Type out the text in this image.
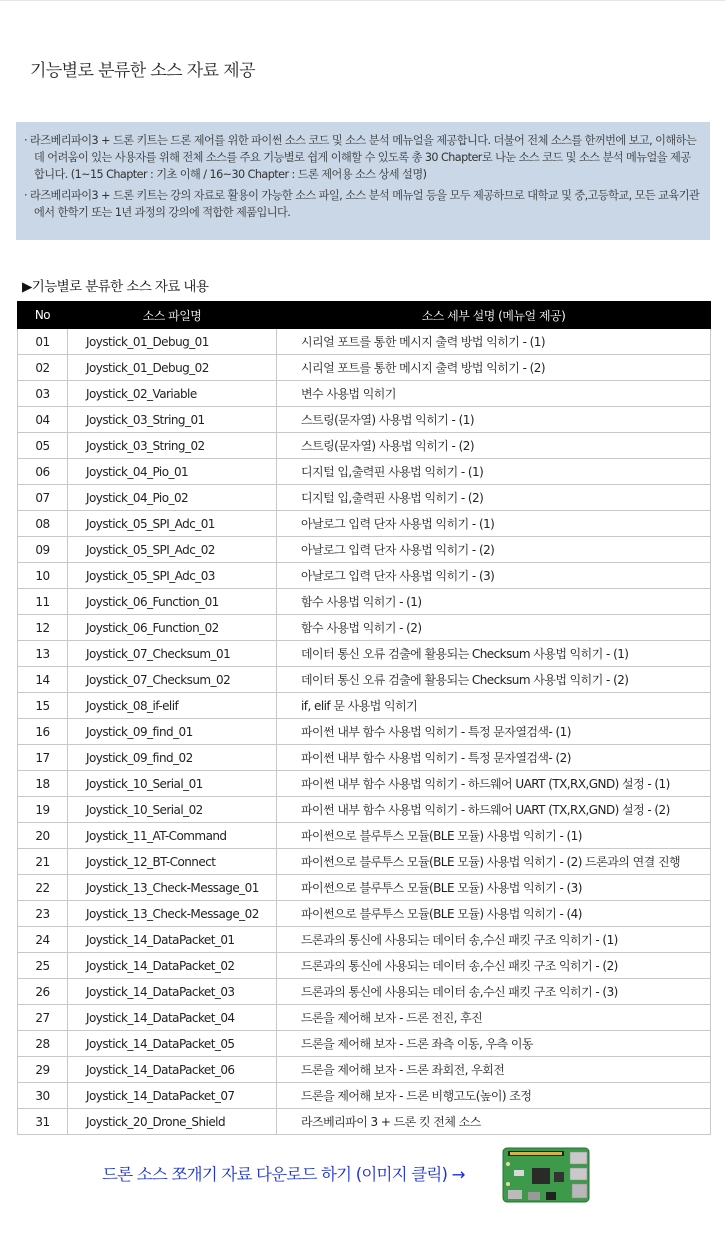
기능별로 분류한 소스 자료 제공

· 라즈베리파이3 + 드론 키트는 드론 제어를 위한 파이썬 소스 코드 및 소스 분석 메뉴얼을 제공합니다. 더불어 전체 소스를 한꺼번에 보고, 이해하는데 어려움이 있는 사용자를 위해 전체 소스를 주요 기능별로 쉽게 이해할 수 있도록 총 30 Chapter로 나눈 소스 코드 및 소스 분석 메뉴얼을 제공합니다. (1~15 Chapter : 기초 이해 / 16~30 Chapter : 드론 제어용 소스 상세 설명)

· 라즈베리파이3 + 드론 키트는 강의 자료로 활용이 가능한 소스 파일, 소스 분석 메뉴얼 등을 모두 제공하므로 대학교 및 중,고등학교, 모든 교육기관에서 한학기 또는 1년 과정의 강의에 적합한 제품입니다.

▶기능별로 분류한 소스 자료 내용
No	소스 파일명	소스 세부 설명 (메뉴얼 제공)
01	Joystick_01_Debug_01	시리얼 포트를 통한 메시지 출력 방법 익히기 - (1)
02	Joystick_01_Debug_02	시리얼 포트를 통한 메시지 출력 방법 익히기 - (2)
03	Joystick_02_Variable	변수 사용법 익히기
04	Joystick_03_String_01	스트링(문자열) 사용법 익히기 - (1)
05	Joystick_03_String_02	스트링(문자열) 사용법 익히기 - (2)
06	Joystick_04_Pio_01	디지털 입,출력핀 사용법 익히기 - (1)
07	Joystick_04_Pio_02	디지털 입,출력핀 사용법 익히기 - (2)
08	Joystick_05_SPI_Adc_01	아날로그 입력 단자 사용법 익히기 - (1)
09	Joystick_05_SPI_Adc_02	아날로그 입력 단자 사용법 익히기 - (2)
10	Joystick_05_SPI_Adc_03	아날로그 입력 단자 사용법 익히기 - (3)
11	Joystick_06_Function_01	함수 사용법 익히기 - (1)
12	Joystick_06_Function_02	함수 사용법 익히기 - (2)
13	Joystick_07_Checksum_01	데이터 통신 오류 검출에 활용되는 Checksum 사용법 익히기 - (1)
14	Joystick_07_Checksum_02	데이터 통신 오류 검출에 활용되는 Checksum 사용법 익히기 - (2)
15	Joystick_08_if-elif	if, elif 문 사용법 익히기
16	Joystick_09_find_01	파이썬 내부 함수 사용법 익히기 - 특정 문자열검색- (1)
17	Joystick_09_find_02	파이썬 내부 함수 사용법 익히기 - 특정 문자열검색- (2)
18	Joystick_10_Serial_01	파이썬 내부 함수 사용법 익히기 - 하드웨어 UART (TX,RX,GND) 설정 - (1)
19	Joystick_10_Serial_02	파이썬 내부 함수 사용법 익히기 - 하드웨어 UART (TX,RX,GND) 설정 - (2)
20	Joystick_11_AT-Command	파이썬으로 블루투스 모듈(BLE 모듈) 사용법 익히기 - (1)
21	Joystick_12_BT-Connect	파이썬으로 블루투스 모듈(BLE 모듈) 사용법 익히기 - (2) 드론과의 연결 진행
22	Joystick_13_Check-Message_01	파이썬으로 블루투스 모듈(BLE 모듈) 사용법 익히기 - (3)
23	Joystick_13_Check-Message_02	파이썬으로 블루투스 모듈(BLE 모듈) 사용법 익히기 - (4)
24	Joystick_14_DataPacket_01	드론과의 통신에 사용되는 데이터 송,수신 패킷 구조 익히기 - (1)
25	Joystick_14_DataPacket_02	드론과의 통신에 사용되는 데이터 송,수신 패킷 구조 익히기 - (2)
26	Joystick_14_DataPacket_03	드론과의 통신에 사용되는 데이터 송,수신 패킷 구조 익히기 - (3)
27	Joystick_14_DataPacket_04	드론을 제어해 보자 - 드론 전진, 후진
28	Joystick_14_DataPacket_05	드론을 제어해 보자 - 드론 좌측 이동, 우측 이동
29	Joystick_14_DataPacket_06	드론을 제어해 보자 - 드론 좌회전, 우회전
30	Joystick_14_DataPacket_07	드론을 제어해 보자 - 드론 비행고도(높이) 조정
31	Joystick_20_Drone_Shield	라즈베리파이 3 + 드론 킷 전체 소스
드론 소스 쪼개기 자료 다운로드 하기 (이미지 클릭) →
